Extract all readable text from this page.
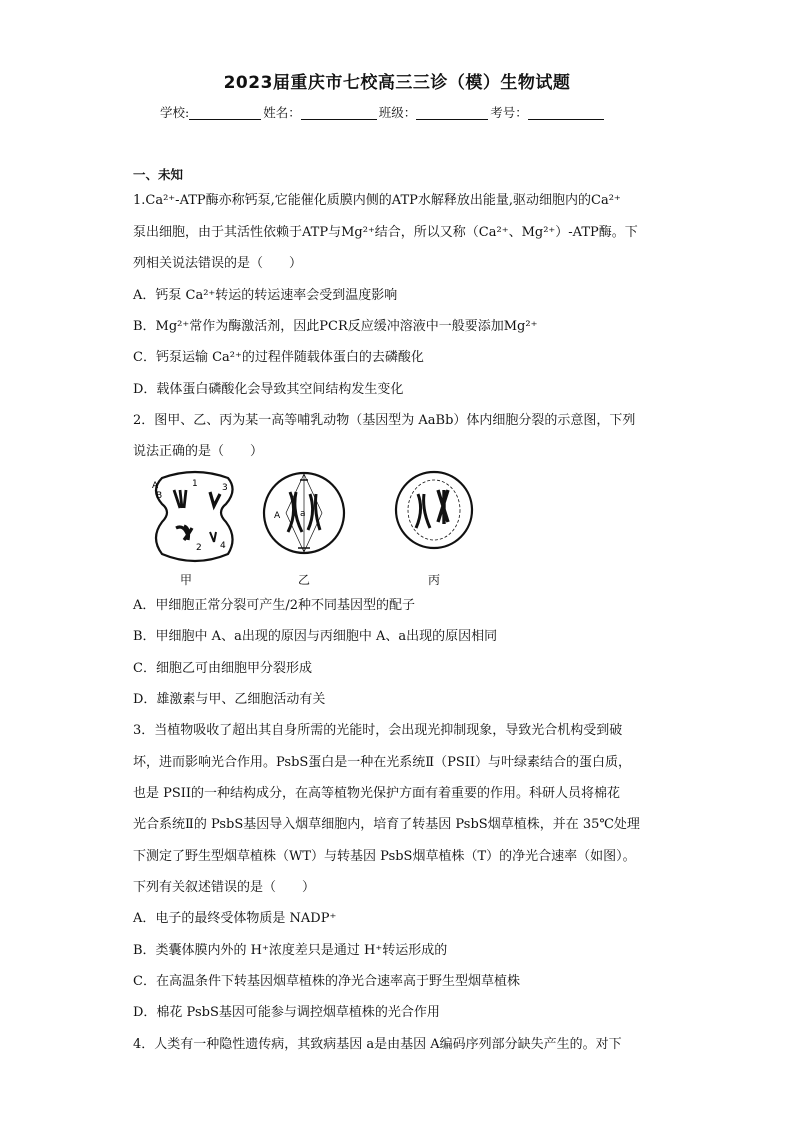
2023届重庆市七校高三三诊（模）生物试题
学校:	姓名：	班级：	考号：
一、未知
1.Ca²⁺-ATP酶亦称钙泵,它能催化质膜内侧的ATP水解释放出能量,驱动细胞内的Ca²⁺
泵出细胞，由于其活性依赖于ATP与Mg²⁺结合，所以又称（Ca²⁺、Mg²⁺）-ATP酶。下
列相关说法错误的是（　　）
A．钙泵 Ca²⁺转运的转运速率会受到温度影响
B．Mg²⁺常作为酶激活剂，因此PCR反应缓冲溶液中一般要添加Mg²⁺
C．钙泵运输 Ca²⁺的过程伴随载体蛋白的去磷酸化
D．载体蛋白磷酸化会导致其空间结构发生变化
2．图甲、乙、丙为某一高等哺乳动物（基因型为 AaBb）体内细胞分裂的示意图，下列
说法正确的是（　　）
A
B
1	3
2 4
A a
甲	乙	丙
A．甲细胞正常分裂可产生/2种不同基因型的配子
B．甲细胞中 A、a出现的原因与丙细胞中 A、a出现的原因相同
C．细胞乙可由细胞甲分裂形成
D．雄激素与甲、乙细胞活动有关
3．当植物吸收了超出其自身所需的光能时，会出现光抑制现象，导致光合机构受到破
坏，进而影响光合作用。PsbS蛋白是一种在光系统Ⅱ（PSII）与叶绿素结合的蛋白质，
也是 PSII的一种结构成分，在高等植物光保护方面有着重要的作用。科研人员将棉花
光合系统Ⅱ的 PsbS基因导入烟草细胞内，培育了转基因 PsbS烟草植株，并在 35℃处理
下测定了野生型烟草植株（WT）与转基因 PsbS烟草植株（T）的净光合速率（如图）。
下列有关叙述错误的是（　　）
A．电子的最终受体物质是 NADP⁺
B．类囊体膜内外的 H⁺浓度差只是通过 H⁺转运形成的
C．在高温条件下转基因烟草植株的净光合速率高于野生型烟草植株
D．棉花 PsbS基因可能参与调控烟草植株的光合作用
4．人类有一种隐性遗传病，其致病基因 a是由基因 A编码序列部分缺失产生的。对下
